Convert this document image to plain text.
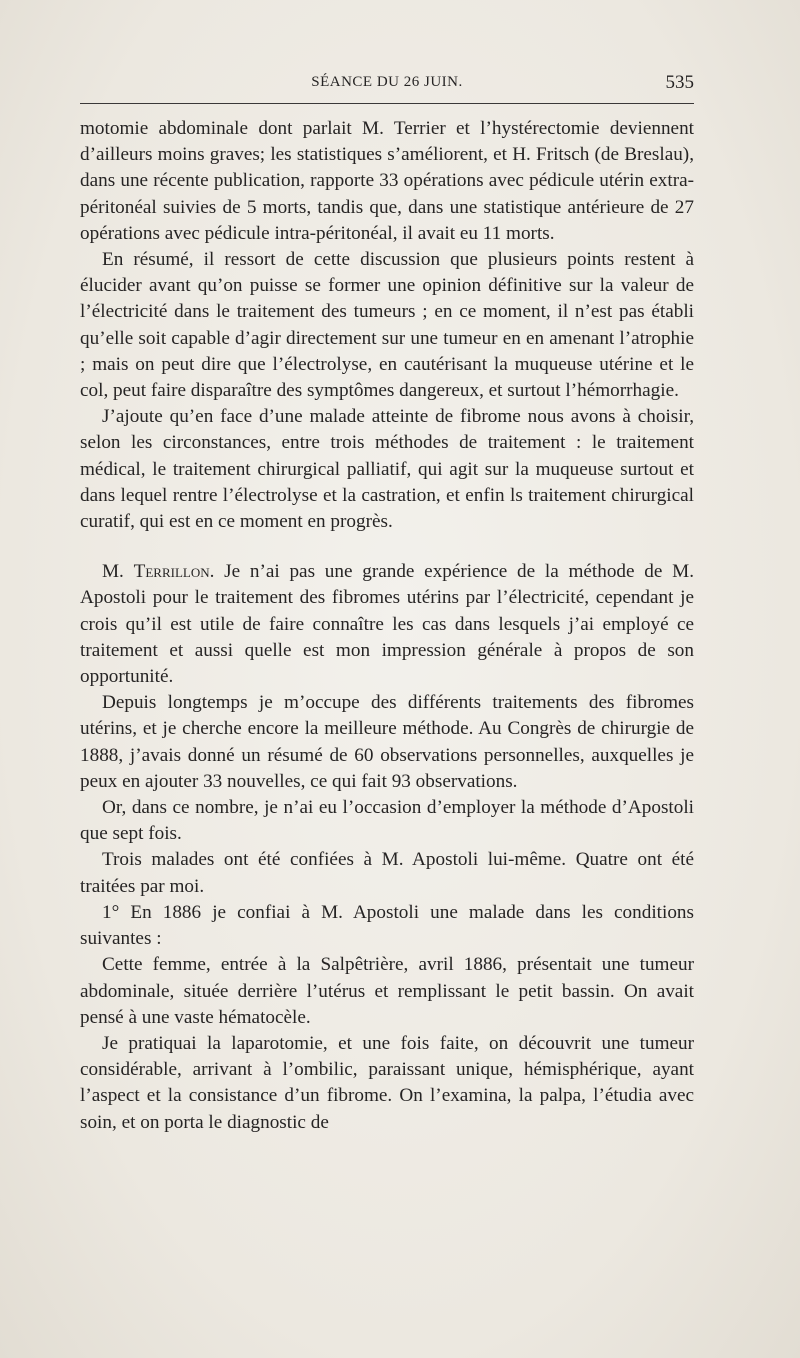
SÉANCE DU 26 JUIN.	535

motomie abdominale dont parlait M. Terrier et l’hystérectomie deviennent d’ailleurs moins graves; les statistiques s’améliorent, et H. Fritsch (de Breslau), dans une récente publication, rapporte 33 opérations avec pédicule utérin extra-péritonéal suivies de 5 morts, tandis que, dans une statistique antérieure de 27 opérations avec pédicule intra-péritonéal, il avait eu 11 morts.

En résumé, il ressort de cette discussion que plusieurs points restent à élucider avant qu’on puisse se former une opinion définitive sur la valeur de l’électricité dans le traitement des tumeurs ; en ce moment, il n’est pas établi qu’elle soit capable d’agir directement sur une tumeur en en amenant l’atrophie ; mais on peut dire que l’électrolyse, en cautérisant la muqueuse utérine et le col, peut faire disparaître des symptômes dangereux, et surtout l’hémorrhagie.

J’ajoute qu’en face d’une malade atteinte de fibrome nous avons à choisir, selon les circonstances, entre trois méthodes de traitement : le traitement médical, le traitement chirurgical palliatif, qui agit sur la muqueuse surtout et dans lequel rentre l’électrolyse et la castration, et enfin ls traitement chirurgical curatif, qui est en ce moment en progrès.

M. Terrillon. Je n’ai pas une grande expérience de la méthode de M. Apostoli pour le traitement des fibromes utérins par l’électricité, cependant je crois qu’il est utile de faire connaître les cas dans lesquels j’ai employé ce traitement et aussi quelle est mon impression générale à propos de son opportunité.

Depuis longtemps je m’occupe des différents traitements des fibromes utérins, et je cherche encore la meilleure méthode. Au Congrès de chirurgie de 1888, j’avais donné un résumé de 60 observations personnelles, auxquelles je peux en ajouter 33 nouvelles, ce qui fait 93 observations.

Or, dans ce nombre, je n’ai eu l’occasion d’employer la méthode d’Apostoli que sept fois.

Trois malades ont été confiées à M. Apostoli lui-même. Quatre ont été traitées par moi.

1° En 1886 je confiai à M. Apostoli une malade dans les conditions suivantes :

Cette femme, entrée à la Salpêtrière, avril 1886, présentait une tumeur abdominale, située derrière l’utérus et remplissant le petit bassin. On avait pensé à une vaste hématocèle.

Je pratiquai la laparotomie, et une fois faite, on découvrit une tumeur considérable, arrivant à l’ombilic, paraissant unique, hémisphérique, ayant l’aspect et la consistance d’un fibrome. On l’examina, la palpa, l’étudia avec soin, et on porta le diagnostic de
